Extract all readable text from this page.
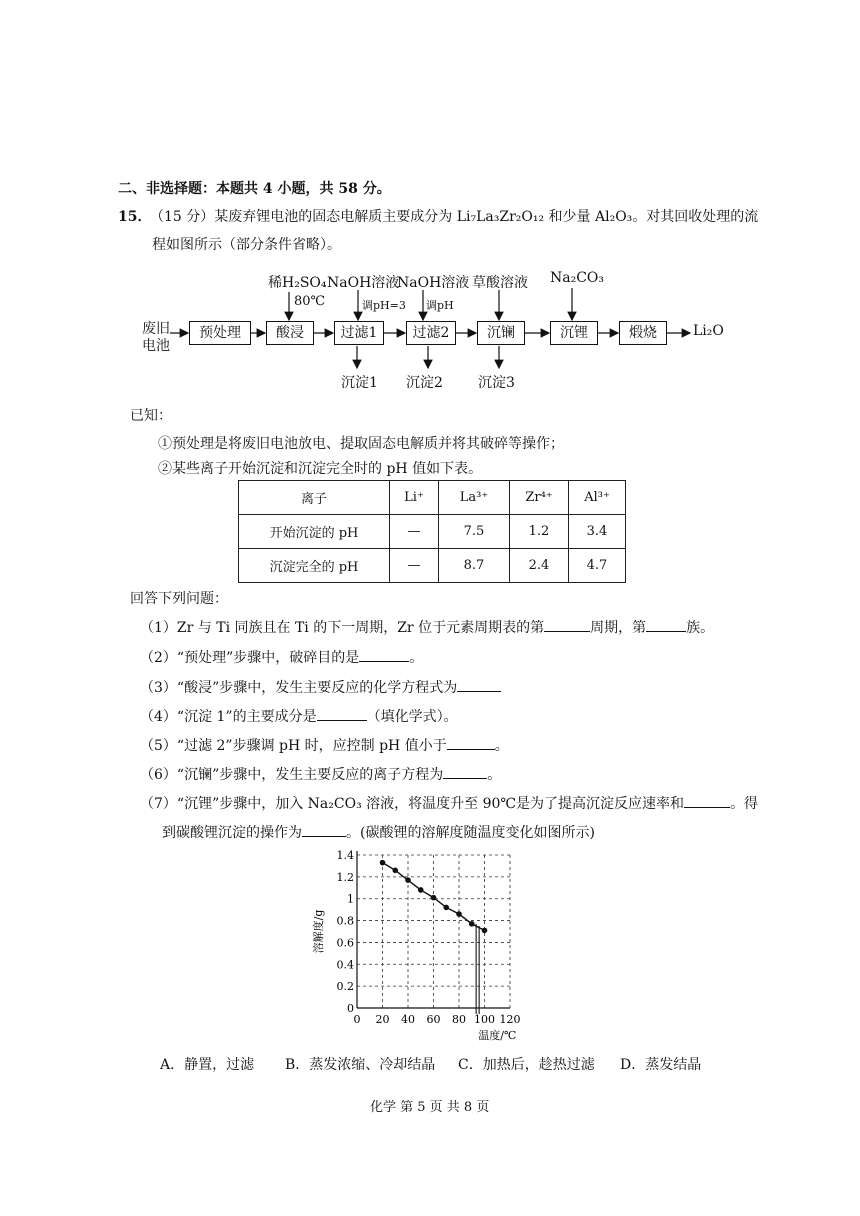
二、非选择题：本题共 4 小题，共 58 分。
15．
（15 分）某废弃锂电池的固态电解质主要成分为 Li₇La₃Zr₂O₁₂ 和少量 Al₂O₃。对其回收处理的流
程如图所示（部分条件省略）。
废旧
电池
预处理	酸浸	过滤1	过滤2	沉镧	沉锂	煅烧	Li₂O
稀H₂SO₄
80℃
NaOH溶液
调pH=3
NaOH溶液
调pH
草酸溶液 Na₂CO₃
沉淀1 沉淀2	沉淀3
已知：
①预处理是将废旧电池放电、提取固态电解质并将其破碎等操作；
②某些离子开始沉淀和沉淀完全时的 pH 值如下表。
离子	Li⁺	La³⁺	Zr⁴⁺	Al³⁺
开始沉淀的 pH	—	7.5	1.2	3.4
沉淀完全的 pH	—	8.7	2.4	4.7
回答下列问题：
（1）Zr 与 Ti 同族且在 Ti 的下一周期，Zr 位于元素周期表的第	周期，第	族。
（2）“预处理”步骤中，破碎目的是	。
（3）“酸浸”步骤中，发生主要反应的化学方程式为
（4）“沉淀 1”的主要成分是	（填化学式）。
（5）“过滤 2”步骤调 pH 时，应控制 pH 值小于	。
（6）“沉镧”步骤中，发生主要反应的离子方程为	。
（7）“沉锂”步骤中，加入 Na₂CO₃ 溶液，将温度升至 90℃是为了提高沉淀反应速率和	。得
到碳酸锂沉淀的操作为	。(碳酸锂的溶解度随温度变化如图所示)
0 20 40 60 80 100 120
0
0.2
0.4
0.6
0.8
1
1.2
1.4
温度/℃
溶解度/g
A．静置，过滤 B．蒸发浓缩、冷却结晶 C．加热后，趁热过滤 D．蒸发结晶
化学 第 5 页 共 8 页
